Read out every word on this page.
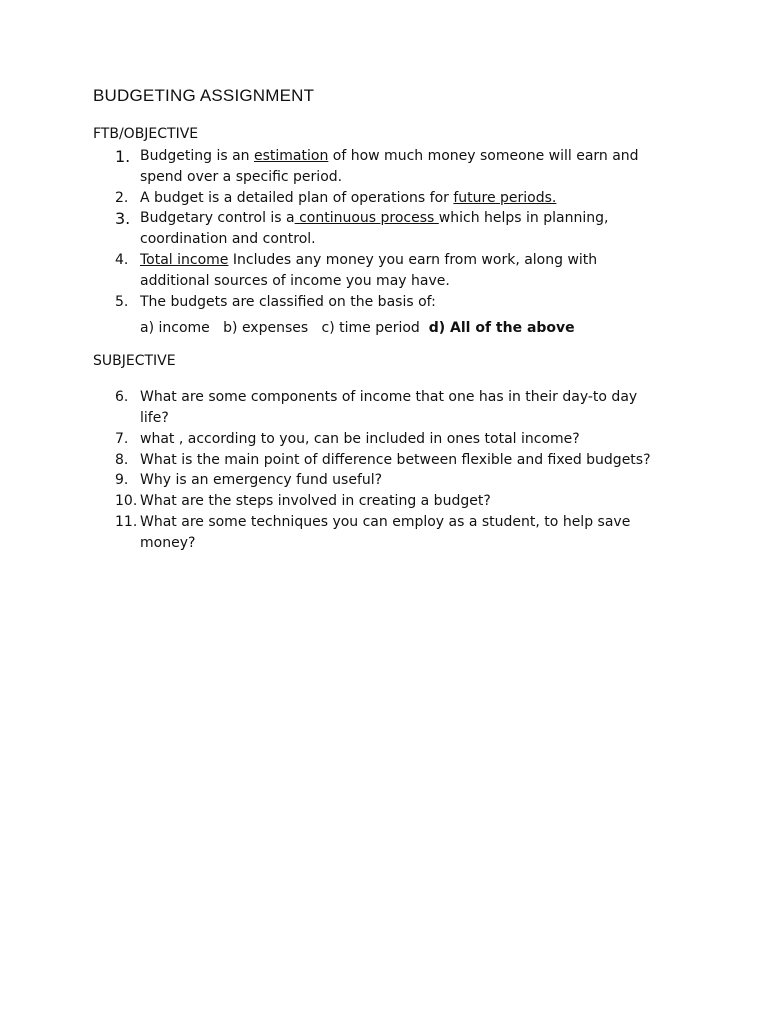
BUDGETING ASSIGNMENT
FTB/OBJECTIVE
1. Budgeting is an estimation of how much money someone will earn and
spend over a specific period.
2. A budget is a detailed plan of operations for future periods.
3. Budgetary control is a continuous process which helps in planning,
coordination and control.
4. Total income Includes any money you earn from work, along with
additional sources of income you may have.
5. The budgets are classified on the basis of:
a) income b) expenses c) time period d) All of the above
SUBJECTIVE
6. What are some components of income that one has in their day-to day
life?
7. what , according to you, can be included in ones total income?
8. What is the main point of difference between flexible and fixed budgets?
9. Why is an emergency fund useful?
10. What are the steps involved in creating a budget?
11. What are some techniques you can employ as a student, to help save
money?
